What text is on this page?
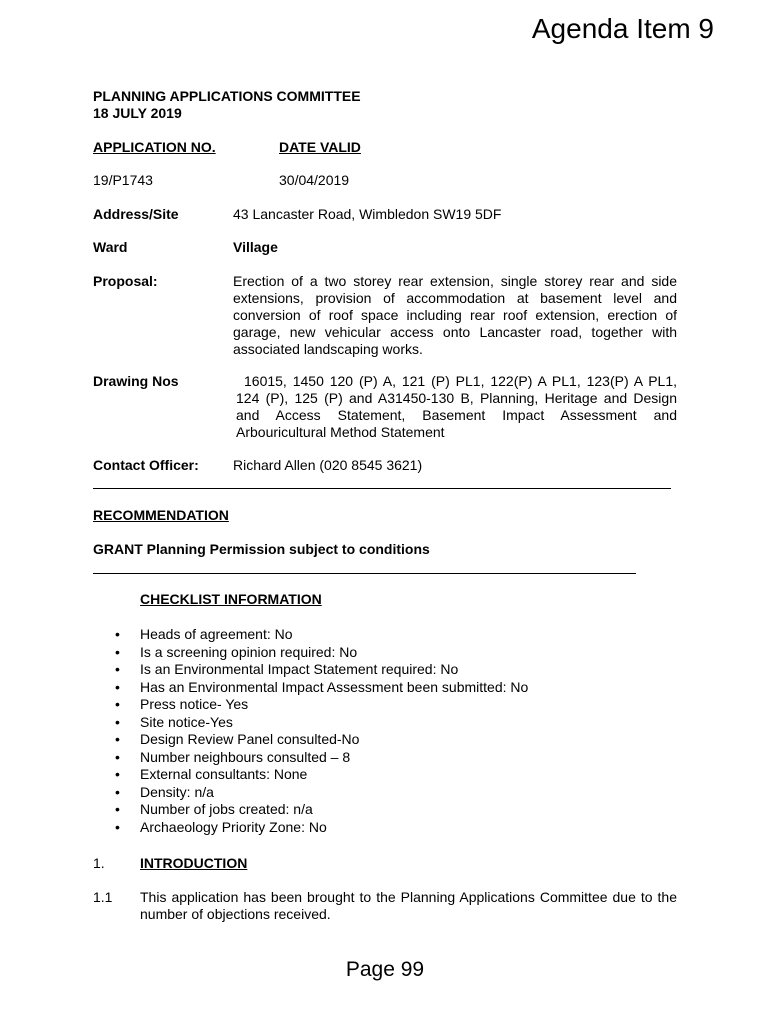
Agenda Item 9
PLANNING APPLICATIONS COMMITTEE
18 JULY 2019
APPLICATION NO.	DATE VALID
19/P1743	30/04/2019
Address/Site	43 Lancaster Road, Wimbledon SW19 5DF
Ward	Village
Proposal:	Erection of a two storey rear extension, single storey rear and side extensions, provision of accommodation at basement level and conversion of roof space including rear roof extension, erection of garage, new vehicular access onto Lancaster road, together with associated landscaping works.
Drawing Nos	16015, 1450 120 (P) A, 121 (P) PL1, 122(P) A PL1, 123(P) A PL1, 124 (P), 125 (P) and A31450-130 B, Planning, Heritage and Design and Access Statement, Basement Impact Assessment and Arbouricultural Method Statement
Contact Officer: Richard Allen (020 8545 3621)
RECOMMENDATION
GRANT Planning Permission subject to conditions
CHECKLIST INFORMATION
• Heads of agreement: No
• Is a screening opinion required: No
• Is an Environmental Impact Statement required: No
• Has an Environmental Impact Assessment been submitted: No
• Press notice- Yes
• Site notice-Yes
• Design Review Panel consulted-No
• Number neighbours consulted – 8
• External consultants: None
• Density: n/a
• Number of jobs created: n/a
• Archaeology Priority Zone: No
1.	INTRODUCTION
1.1 This application has been brought to the Planning Applications Committee due to the number of objections received.
Page 99
